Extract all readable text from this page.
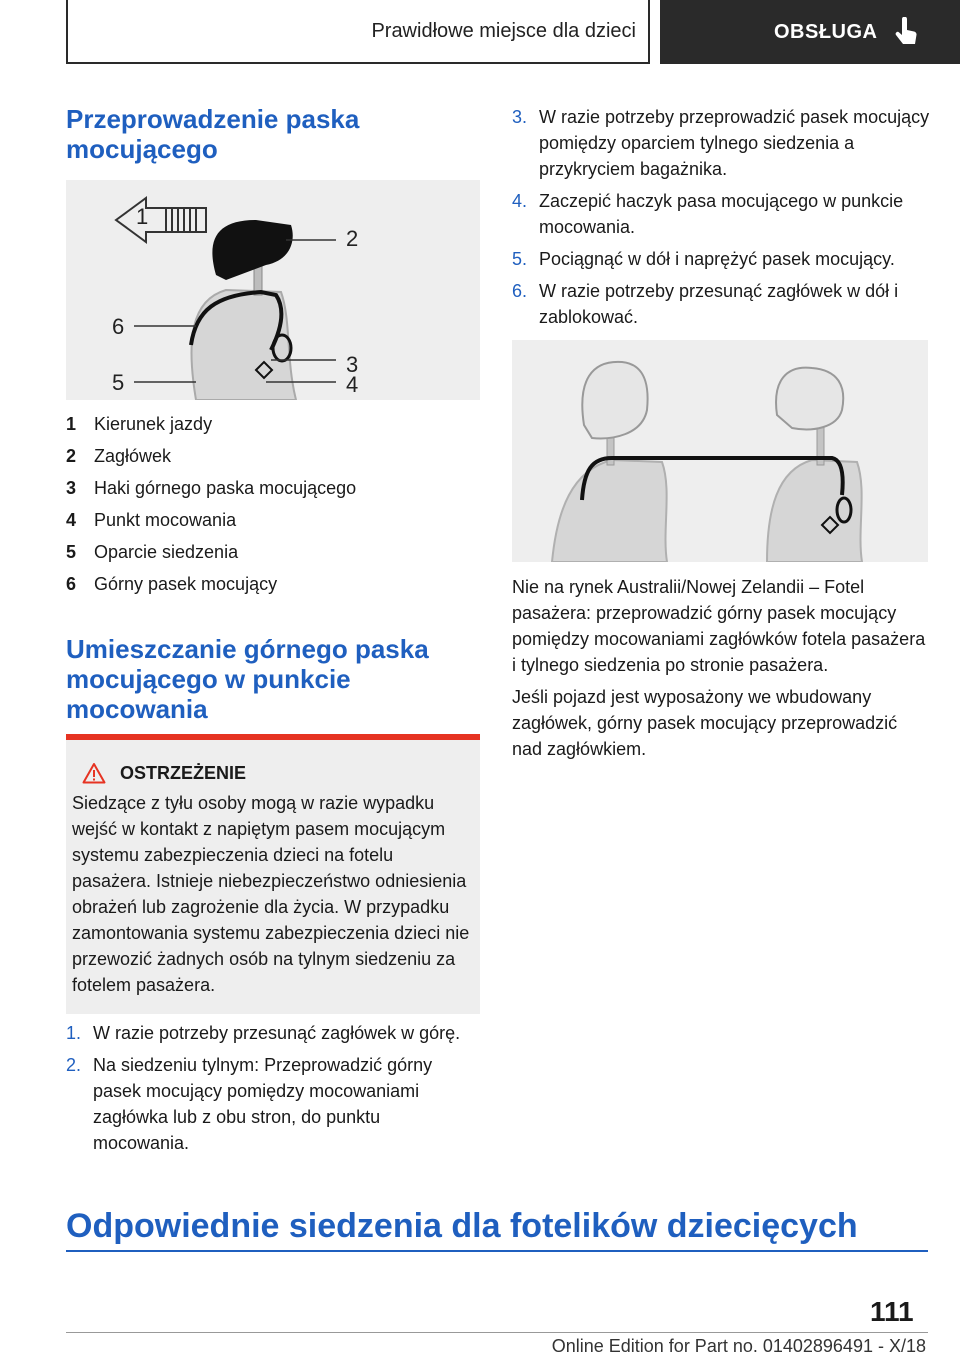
Prawidłowe miejsce dla dzieci	OBSŁUGA
Przeprowadzenie paska mocującego
1
2
6
3
5	4
1 Kierunek jazdy
2 Zagłówek
3 Haki górnego paska mocującego
4 Punkt mocowania
5 Oparcie siedzenia
6 Górny pasek mocujący
Umieszczanie górnego paska mocującego w punkcie mocowania
OSTRZEŻENIE
Siedzące z tyłu osoby mogą w razie wypadku wejść w kontakt z napiętym pasem mocującym systemu zabezpieczenia dzieci na fotelu pasażera. Istnieje niebezpieczeństwo odniesienia obrażeń lub zagrożenie dla życia. W przypadku zamontowania systemu zabezpieczenia dzieci nie przewozić żadnych osób na tylnym siedzeniu za fotelem pasażera.
1. W razie potrzeby przesunąć zagłówek w górę.
2. Na siedzeniu tylnym: Przeprowadzić górny pasek mocujący pomiędzy mocowaniami zagłówka lub z obu stron, do punktu mocowania.
3. W razie potrzeby przeprowadzić pasek mocujący pomiędzy oparciem tylnego siedzenia a przykryciem bagażnika.
4. Zaczepić haczyk pasa mocującego w punkcie mocowania.
5. Pociągnąć w dół i naprężyć pasek mocujący.
6. W razie potrzeby przesunąć zagłówek w dół i zablokować.

Nie na rynek Australii/Nowej Zelandii – Fotel pasażera: przeprowadzić górny pasek mocujący pomiędzy mocowaniami zagłówków fotela pasażera i tylnego siedzenia po stronie pasażera.

Jeśli pojazd jest wyposażony we wbudowany zagłówek, górny pasek mocujący przeprowadzić nad zagłówkiem.

Odpowiednie siedzenia dla fotelików dziecięcych
111
Online Edition for Part no. 01402896491 - X/18
